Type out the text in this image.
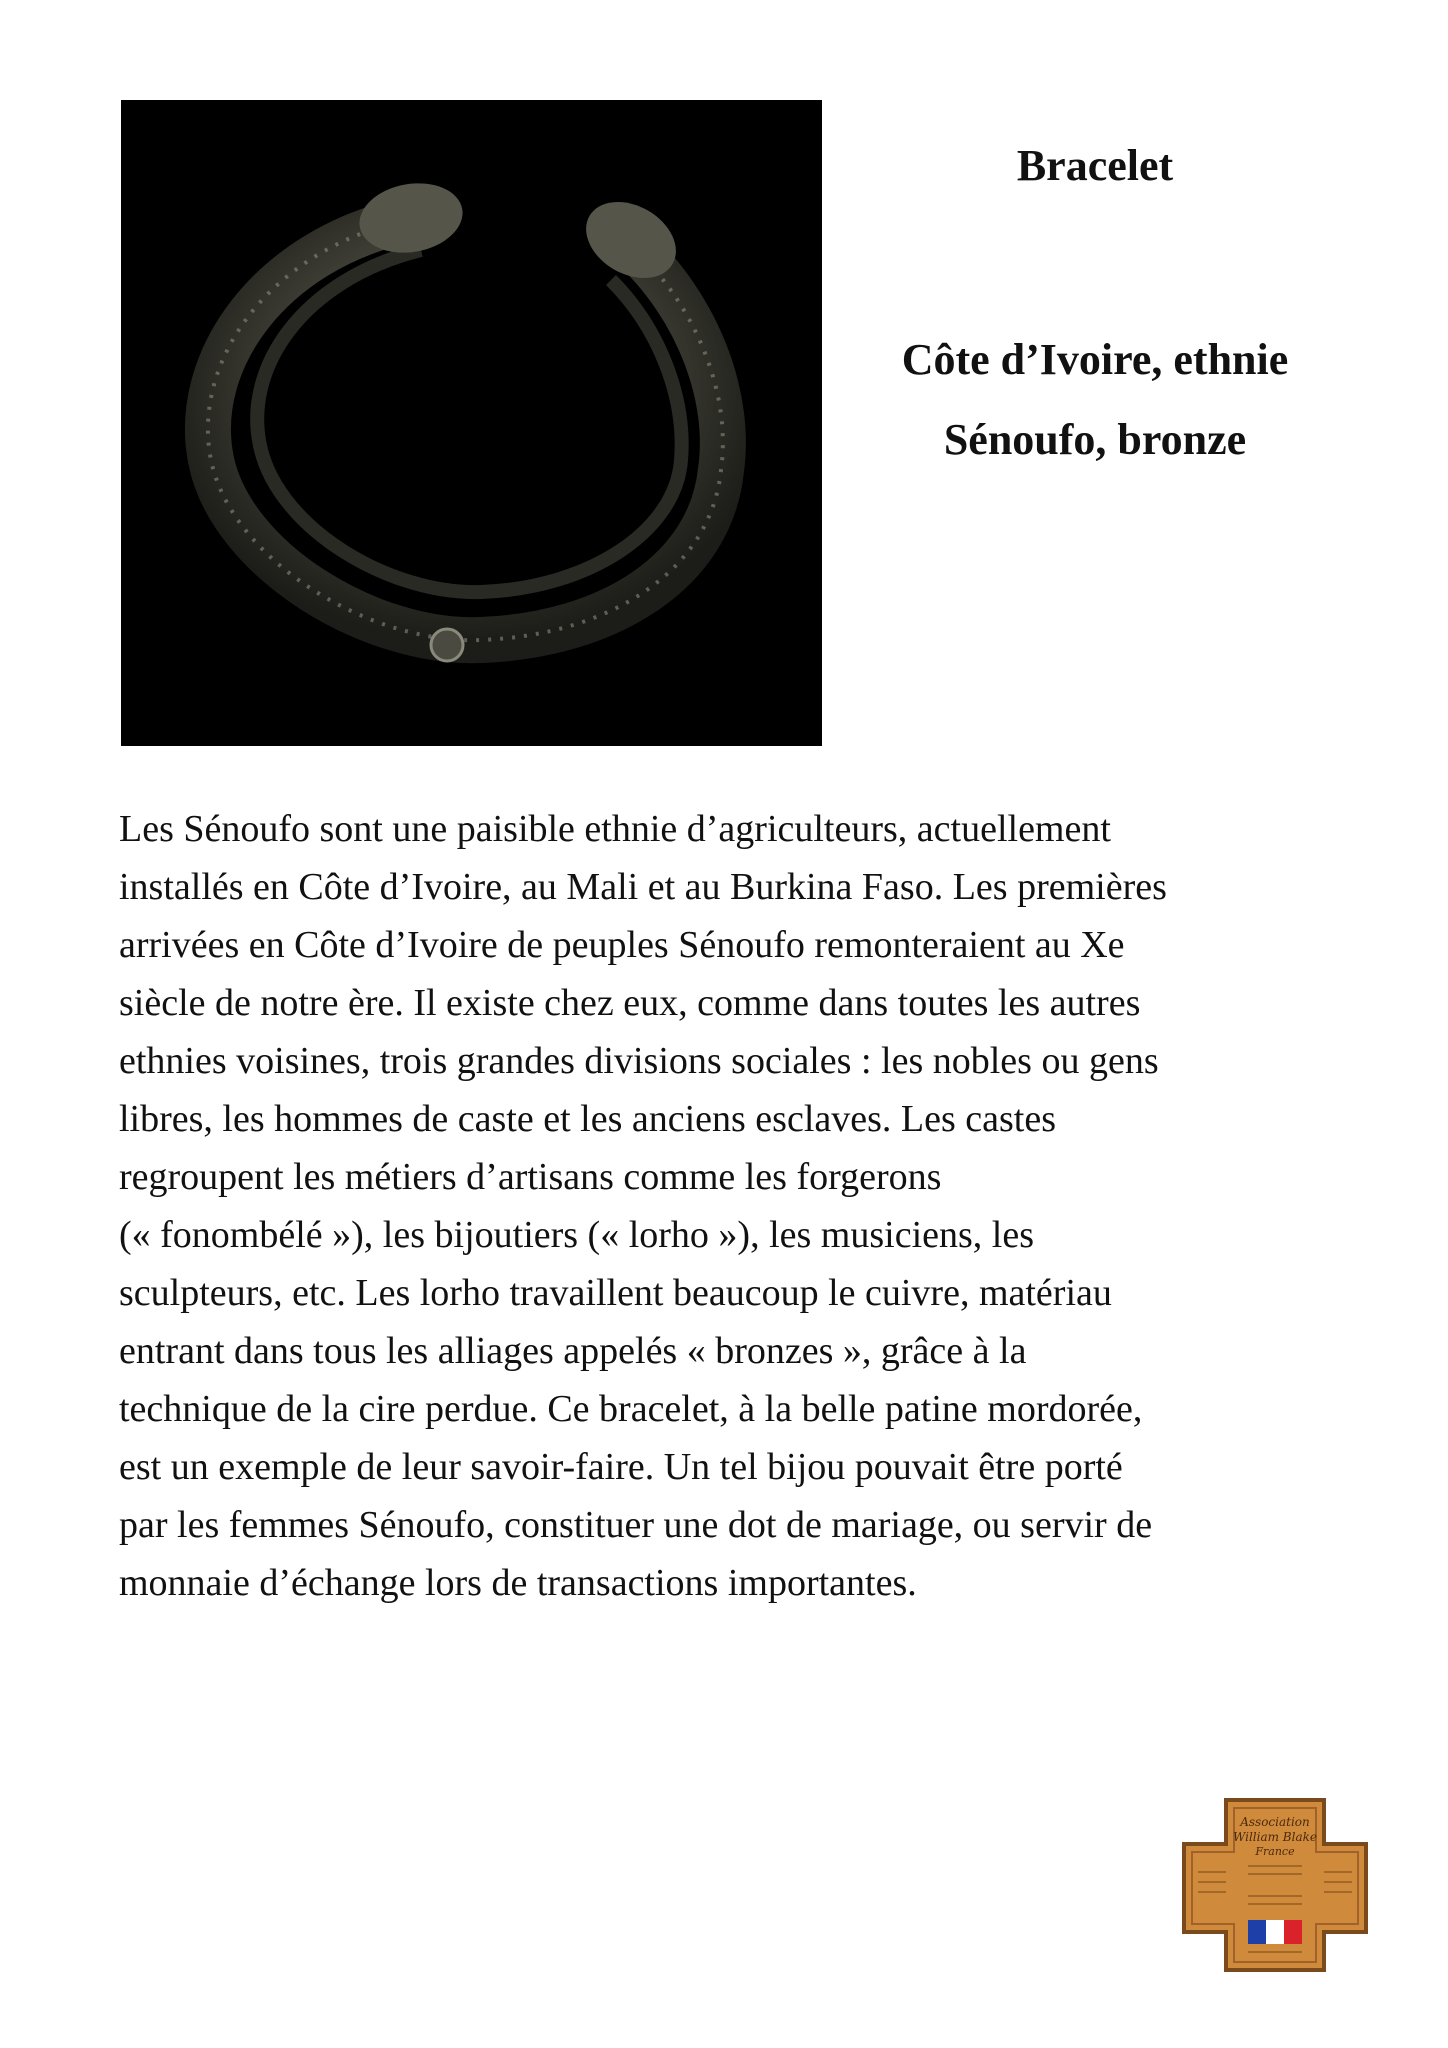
Bracelet
Côte d’Ivoire, ethnie
Sénoufo, bronze

Les Sénoufo sont une paisible ethnie d’agriculteurs, actuellement
installés en Côte d’Ivoire, au Mali et au Burkina Faso. Les premières
arrivées en Côte d’Ivoire de peuples Sénoufo remonteraient au Xe
siècle de notre ère. Il existe chez eux, comme dans toutes les autres
ethnies voisines, trois grandes divisions sociales : les nobles ou gens
libres, les hommes de caste et les anciens esclaves. Les castes
regroupent les métiers d’artisans comme les forgerons
(« fonombélé »), les bijoutiers (« lorho »), les musiciens, les
sculpteurs, etc. Les lorho travaillent beaucoup le cuivre, matériau
entrant dans tous les alliages appelés « bronzes », grâce à la
technique de la cire perdue. Ce bracelet, à la belle patine mordorée,
est un exemple de leur savoir-faire. Un tel bijou pouvait être porté
par les femmes Sénoufo, constituer une dot de mariage, ou servir de
monnaie d’échange lors de transactions importantes.

Association
William Blake
France
